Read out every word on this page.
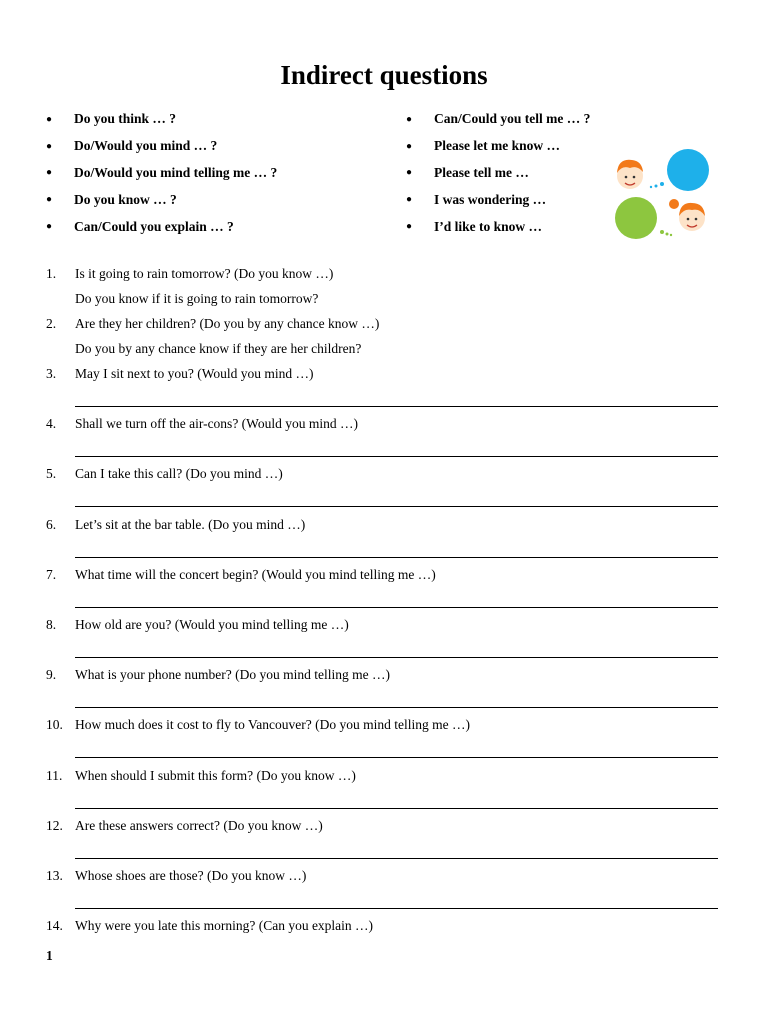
Indirect questions
●	Do you think … ?
●	Do/Would you mind … ?
●	Do/Would you mind telling me … ?
●	Do you know … ?
●	Can/Could you explain … ?
●	Can/Could you tell me … ?
●	Please let me know …
●	Please tell me …
●	I was wondering …
●	I’d like to know …
1. Is it going to rain tomorrow? (Do you know …)
Do you know if it is going to rain tomorrow?
2. Are they her children? (Do you by any chance know …)
Do you by any chance know if they are her children?
3. May I sit next to you? (Would you mind …)
4. Shall we turn off the air-cons? (Would you mind …)
5. Can I take this call? (Do you mind …)
6. Let’s sit at the bar table. (Do you mind …)
7. What time will the concert begin? (Would you mind telling me …)
8. How old are you? (Would you mind telling me …)
9. What is your phone number? (Do you mind telling me …)
10. How much does it cost to fly to Vancouver? (Do you mind telling me …)
11. When should I submit this form? (Do you know …)
12. Are these answers correct? (Do you know …)
13. Whose shoes are those? (Do you know …)
14. Why were you late this morning? (Can you explain …)
1
